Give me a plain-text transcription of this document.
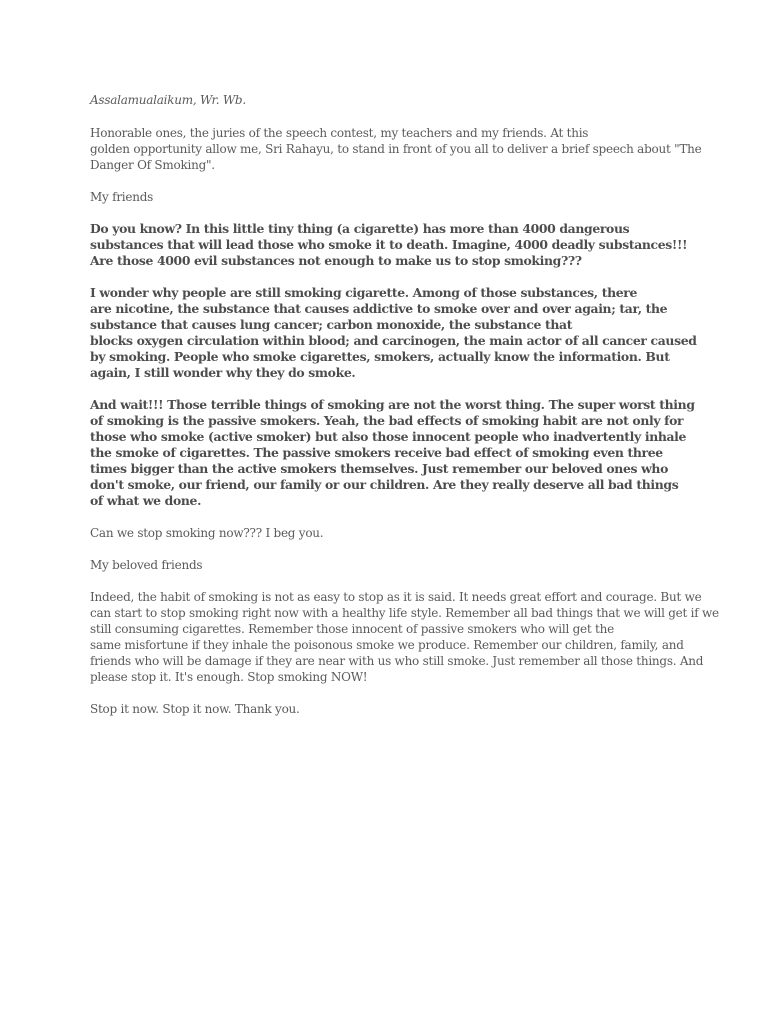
Assalamualaikum, Wr. Wb.

Honorable ones, the juries of the speech contest, my teachers and my friends. At this
golden opportunity allow me, Sri Rahayu, to stand in front of you all to deliver a brief speech about "The
Danger Of Smoking".

My friends

Do you know? In this little tiny thing (a cigarette) has more than 4000 dangerous
substances that will lead those who smoke it to death. Imagine, 4000 deadly substances!!!
Are those 4000 evil substances not enough to make us to stop smoking???

I wonder why people are still smoking cigarette. Among of those substances, there
are nicotine, the substance that causes addictive to smoke over and over again; tar, the
substance that causes lung cancer; carbon monoxide, the substance that
blocks oxygen circulation within blood; and carcinogen, the main actor of all cancer caused
by smoking. People who smoke cigarettes, smokers, actually know the information. But
again, I still wonder why they do smoke.

And wait!!! Those terrible things of smoking are not the worst thing. The super worst thing
of smoking is the passive smokers. Yeah, the bad effects of smoking habit are not only for
those who smoke (active smoker) but also those innocent people who inadvertently inhale
the smoke of cigarettes. The passive smokers receive bad effect of smoking even three
times bigger than the active smokers themselves. Just remember our beloved ones who
don't smoke, our friend, our family or our children. Are they really deserve all bad things
of what we done.

Can we stop smoking now??? I beg you.

My beloved friends

Indeed, the habit of smoking is not as easy to stop as it is said. It needs great effort and courage. But we
can start to stop smoking right now with a healthy life style. Remember all bad things that we will get if we
still consuming cigarettes. Remember those innocent of passive smokers who will get the
same misfortune if they inhale the poisonous smoke we produce. Remember our children, family, and
friends who will be damage if they are near with us who still smoke. Just remember all those things. And
please stop it. It's enough. Stop smoking NOW!

Stop it now. Stop it now. Thank you.
